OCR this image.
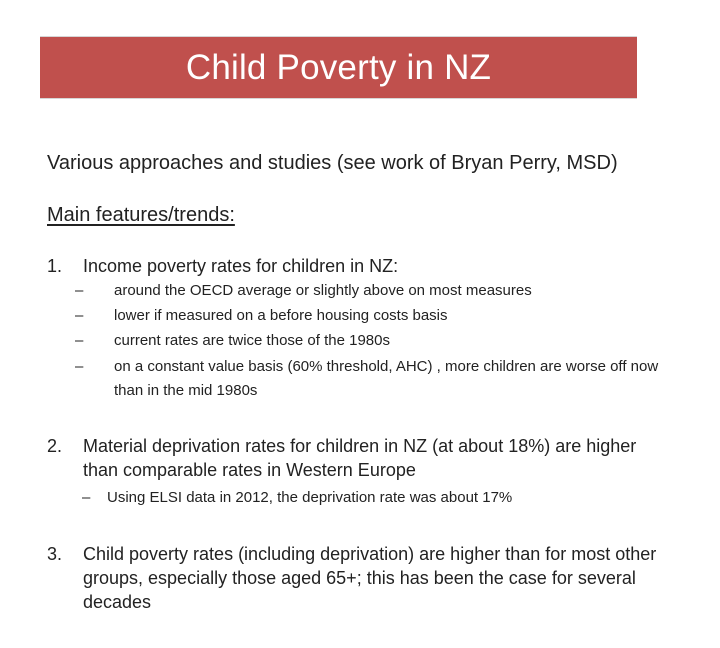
Child Poverty in NZ
Various approaches and studies (see work of Bryan Perry, MSD)
Main features/trends:
1. Income poverty rates for children in NZ:
– around the OECD average or slightly above on most measures
– lower if measured on a before housing costs basis
– current rates are twice those of the 1980s
– on a constant value basis (60% threshold, AHC) , more children are worse off now than in the mid 1980s
2. Material deprivation rates for children in NZ (at about 18%) are higher than comparable rates in Western Europe
– Using ELSI data in 2012, the deprivation rate was about 17%
3. Child poverty rates (including deprivation) are higher than for most other groups, especially those aged 65+; this has been the case for several decades
